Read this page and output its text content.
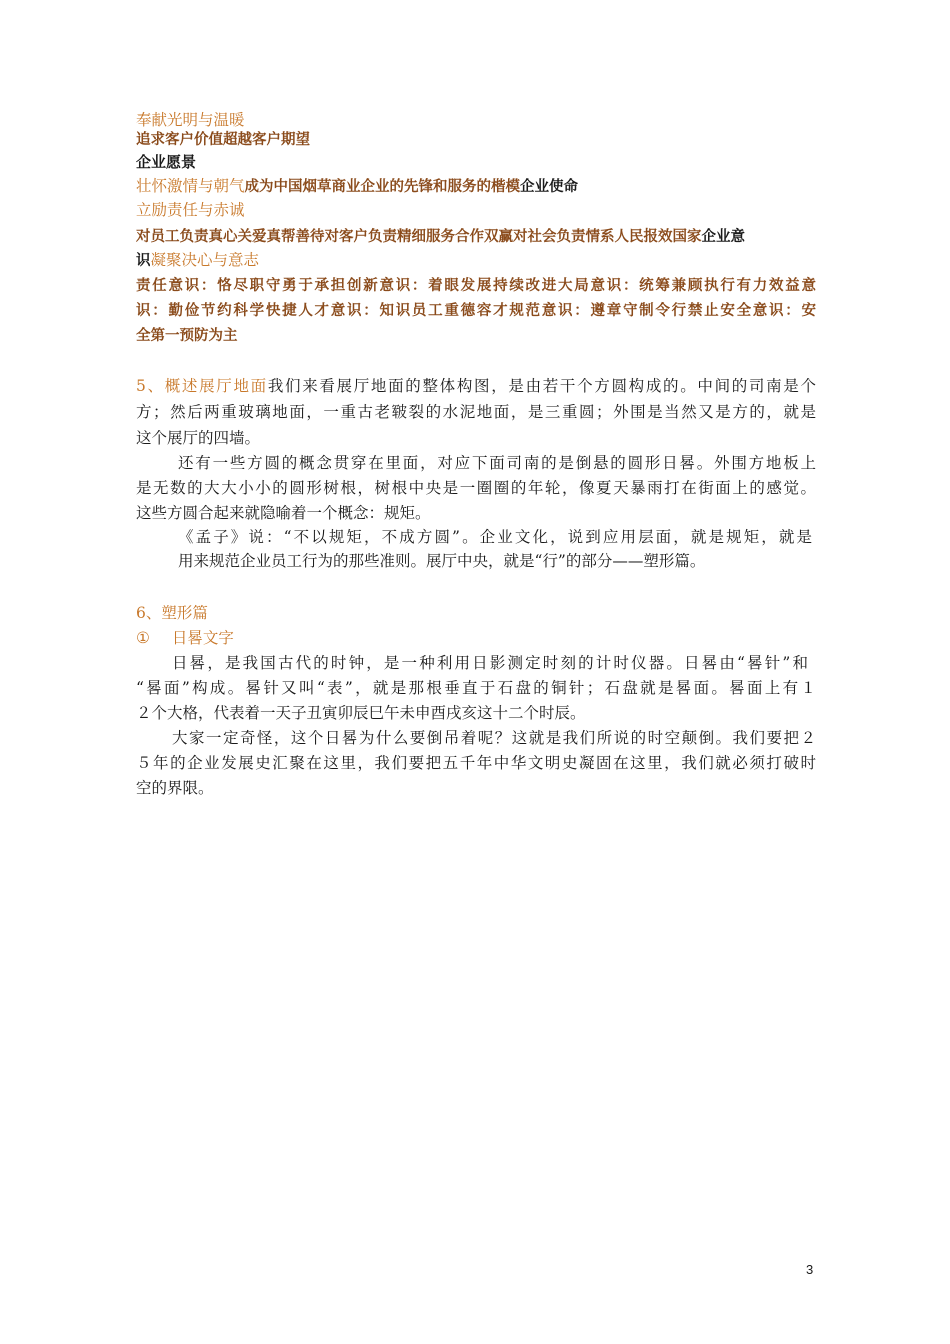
奉献光明与温暖
追求客户价值超越客户期望
企业愿景
壮怀激情与朝气成为中国烟草商业企业的先锋和服务的楷模企业使命
立励责任与赤诚
对员工负责真心关爱真帮善待对客户负责精细服务合作双赢对社会负责情系人民报效国家企业意
识凝聚决心与意志
责任意识：恪尽职守勇于承担创新意识：着眼发展持续改进大局意识：统筹兼顾执行有力效益意
识：勤俭节约科学快捷人才意识：知识员工重德容才规范意识：遵章守制令行禁止安全意识：安
全第一预防为主
5、概述展厅地面我们来看展厅地面的整体构图，是由若干个方圆构成的。中间的司南是个
方；然后两重玻璃地面，一重古老皲裂的水泥地面，是三重圆；外围是当然又是方的，就是
这个展厅的四墙。
还有一些方圆的概念贯穿在里面，对应下面司南的是倒悬的圆形日晷。外围方地板上
是无数的大大小小的圆形树根，树根中央是一圈圈的年轮，像夏天暴雨打在街面上的感觉。
这些方圆合起来就隐喻着一个概念：规矩。
《孟子》说：“不以规矩，不成方圆”。企业文化，说到应用层面，就是规矩，就是
用来规范企业员工行为的那些准则。展厅中央，就是“行”的部分——塑形篇。
6、塑形篇
① 日晷文字
日晷，是我国古代的时钟，是一种利用日影测定时刻的计时仪器。日晷由“晷针”和
“晷面”构成。晷针又叫“表”，就是那根垂直于石盘的铜针；石盘就是晷面。晷面上有１
２个大格，代表着一天子丑寅卯辰巳午未申酉戌亥这十二个时辰。
大家一定奇怪，这个日晷为什么要倒吊着呢？这就是我们所说的时空颠倒。我们要把２
５年的企业发展史汇聚在这里，我们要把五千年中华文明史凝固在这里，我们就必须打破时
空的界限。
3
